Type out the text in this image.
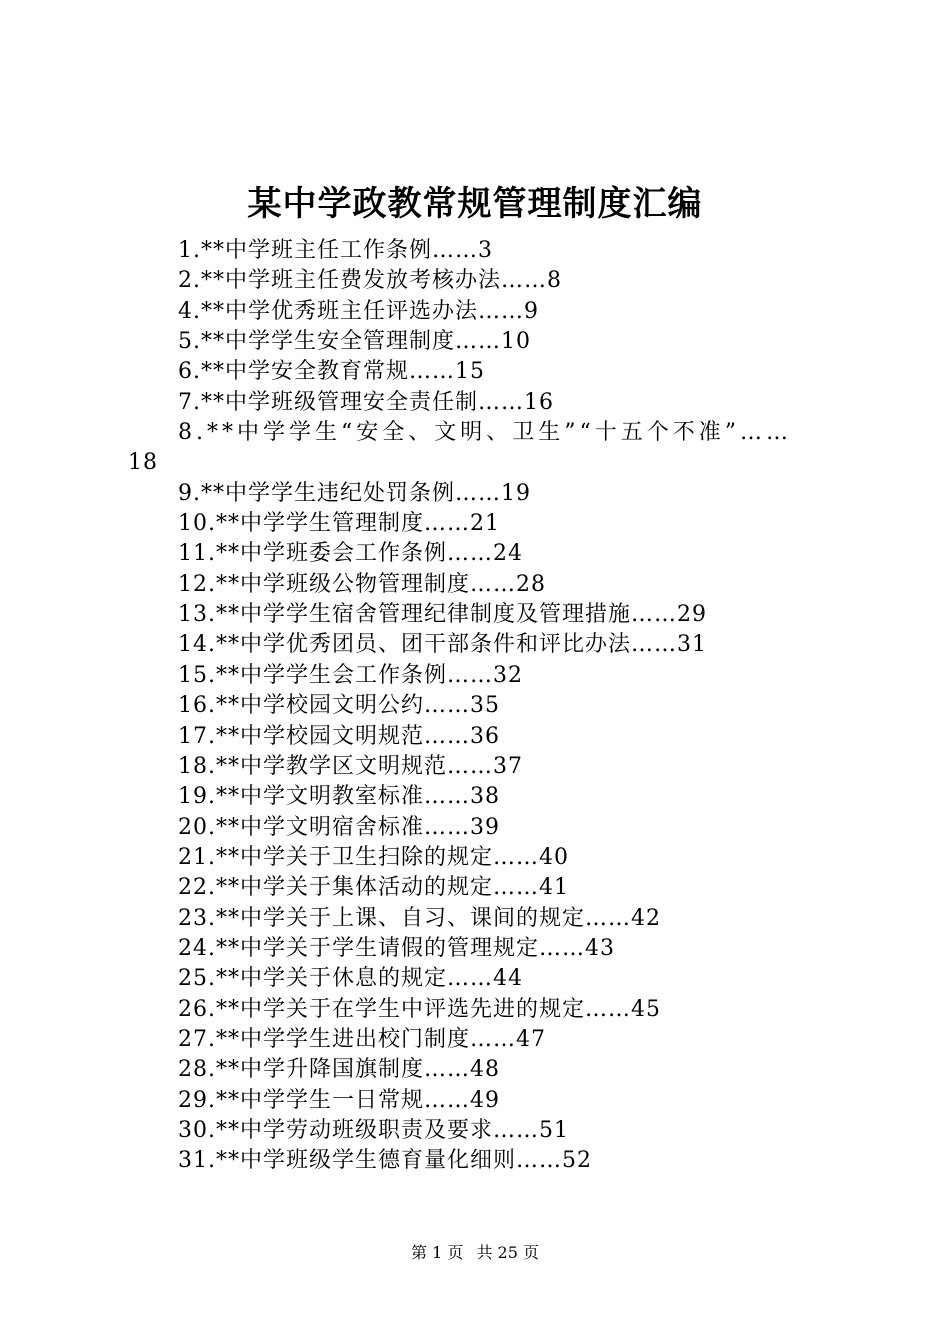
某中学政教常规管理制度汇编
1.**中学班主任工作条例……3
2.**中学班主任费发放考核办法……8
4.**中学优秀班主任评选办法……9
5.**中学学生安全管理制度……10
6.**中学安全教育常规……15
7.**中学班级管理安全责任制……16
8.**中学学生“安全、文明、卫生”“十五个不准”……
18
9.**中学学生违纪处罚条例……19
10.**中学学生管理制度……21
11.**中学班委会工作条例……24
12.**中学班级公物管理制度……28
13.**中学学生宿舍管理纪律制度及管理措施……29
14.**中学优秀团员、团干部条件和评比办法……31
15.**中学学生会工作条例……32
16.**中学校园文明公约……35
17.**中学校园文明规范……36
18.**中学教学区文明规范……37
19.**中学文明教室标准……38
20.**中学文明宿舍标准……39
21.**中学关于卫生扫除的规定……40
22.**中学关于集体活动的规定……41
23.**中学关于上课、自习、课间的规定……42
24.**中学关于学生请假的管理规定……43
25.**中学关于休息的规定……44
26.**中学关于在学生中评选先进的规定……45
27.**中学学生进出校门制度……47
28.**中学升降国旗制度……48
29.**中学学生一日常规……49
30.**中学劳动班级职责及要求……51
31.**中学班级学生德育量化细则……52
第 1 页 共 25 页
